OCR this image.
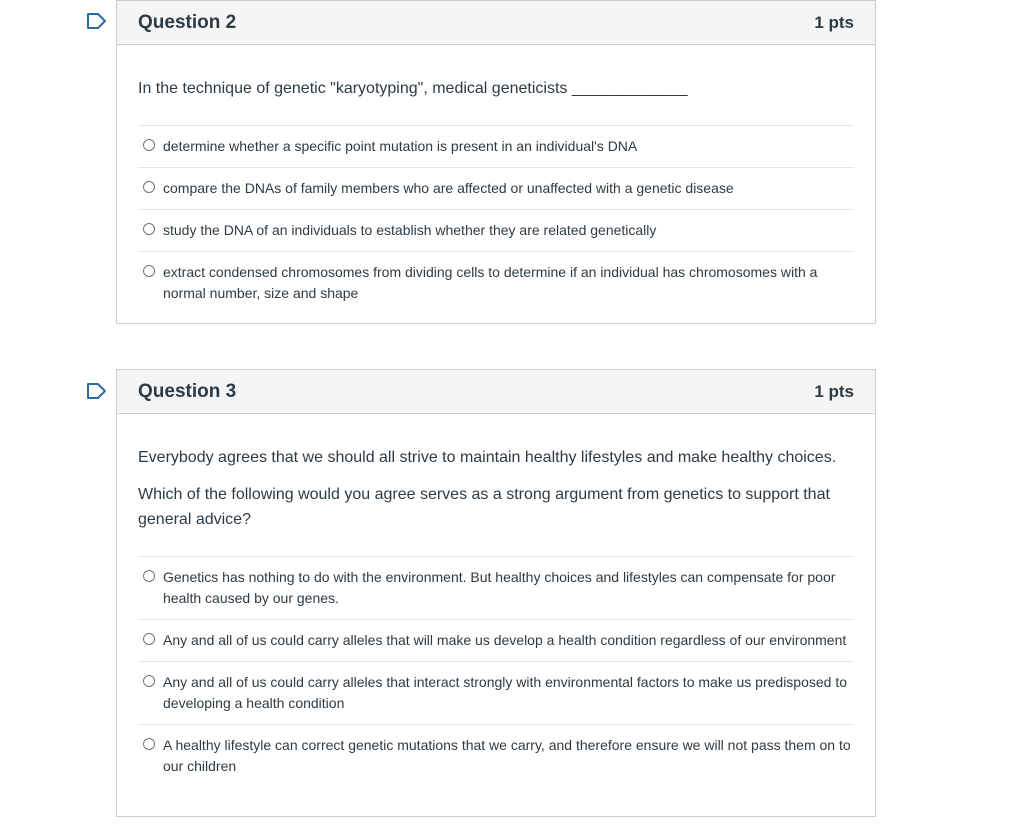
Question 2	1 pts

In the technique of genetic "karyotyping", medical geneticists _____________

determine whether a specific point mutation is present in an individual's DNA
compare the DNAs of family members who are affected or unaffected with a genetic disease
study the DNA of an individuals to establish whether they are related genetically
extract condensed chromosomes from dividing cells to determine if an individual has chromosomes with a normal number, size and shape
Question 3	1 pts

Everybody agrees that we should all strive to maintain healthy lifestyles and make healthy choices.

Which of the following would you agree serves as a strong argument from genetics to support that general advice?

Genetics has nothing to do with the environment. But healthy choices and lifestyles can compensate for poor health caused by our genes.
Any and all of us could carry alleles that will make us develop a health condition regardless of our environment
Any and all of us could carry alleles that interact strongly with environmental factors to make us predisposed to developing a health condition
A healthy lifestyle can correct genetic mutations that we carry, and therefore ensure we will not pass them on to our children
